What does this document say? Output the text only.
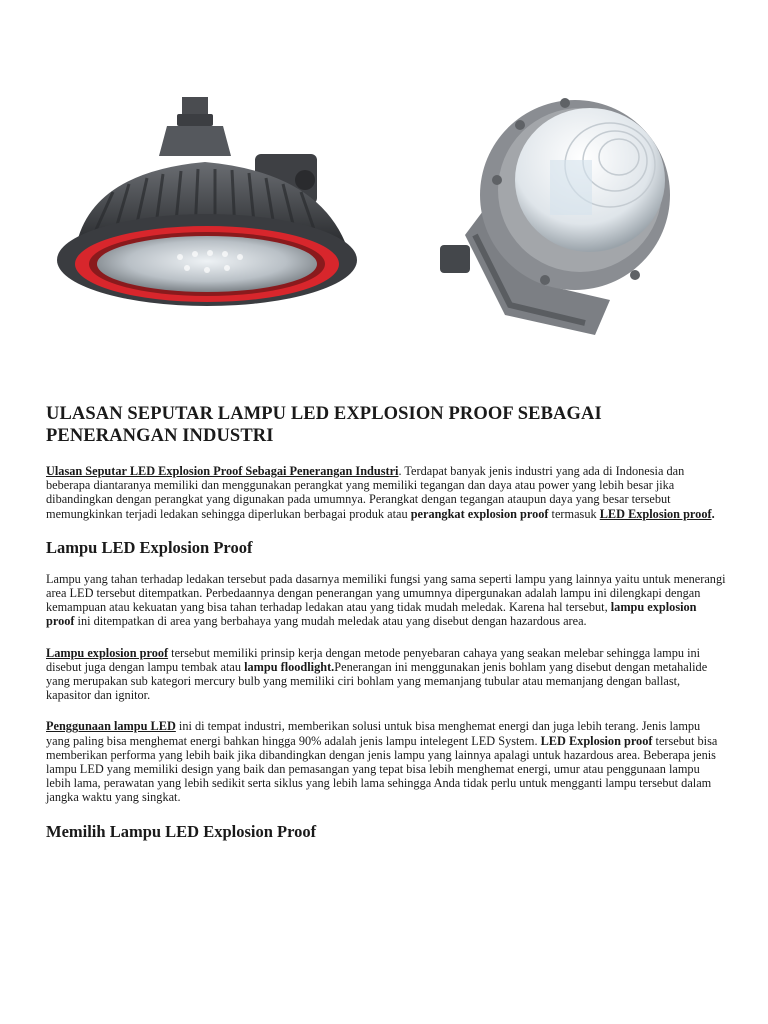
ULASAN SEPUTAR LAMPU LED EXPLOSION PROOF SEBAGAI PENERANGAN INDUSTRI

Ulasan Seputar LED Explosion Proof Sebagai Penerangan Industri. Terdapat banyak jenis industri yang ada di Indonesia dan beberapa diantaranya memiliki dan menggunakan perangkat yang memiliki tegangan dan daya atau power yang lebih besar jika dibandingkan dengan perangkat yang digunakan pada umumnya. Perangkat dengan tegangan ataupun daya yang besar tersebut memungkinkan terjadi ledakan sehingga diperlukan berbagai produk atau perangkat explosion proof termasuk LED Explosion proof.

Lampu LED Explosion Proof

Lampu yang tahan terhadap ledakan tersebut pada dasarnya memiliki fungsi yang sama seperti lampu yang lainnya yaitu untuk menerangi area LED tersebut ditempatkan. Perbedaannya dengan penerangan yang umumnya dipergunakan adalah lampu ini dilengkapi dengan kemampuan atau kekuatan yang bisa tahan terhadap ledakan atau yang tidak mudah meledak. Karena hal tersebut, lampu explosion proof ini ditempatkan di area yang berbahaya yang mudah meledak atau yang disebut dengan hazardous area.

Lampu explosion proof tersebut memiliki prinsip kerja dengan metode penyebaran cahaya yang seakan melebar sehingga lampu ini disebut juga dengan lampu tembak atau lampu floodlight.Penerangan ini menggunakan jenis bohlam yang disebut dengan metahalide yang merupakan sub kategori mercury bulb yang memiliki ciri bohlam yang memanjang tubular atau memanjang dengan ballast, kapasitor dan ignitor.

Penggunaan lampu LED ini di tempat industri, memberikan solusi untuk bisa menghemat energi dan juga lebih terang. Jenis lampu yang paling bisa menghemat energi bahkan hingga 90% adalah jenis lampu intelegent LED System. LED Explosion proof tersebut bisa memberikan performa yang lebih baik jika dibandingkan dengan jenis lampu yang lainnya apalagi untuk hazardous area. Beberapa jenis lampu LED yang memiliki design yang baik dan pemasangan yang tepat bisa lebih menghemat energi, umur atau penggunaan lampu lebih lama, perawatan yang lebih sedikit serta siklus yang lebih lama sehingga Anda tidak perlu untuk mengganti lampu tersebut dalam jangka waktu yang singkat.

Memilih Lampu LED Explosion Proof
